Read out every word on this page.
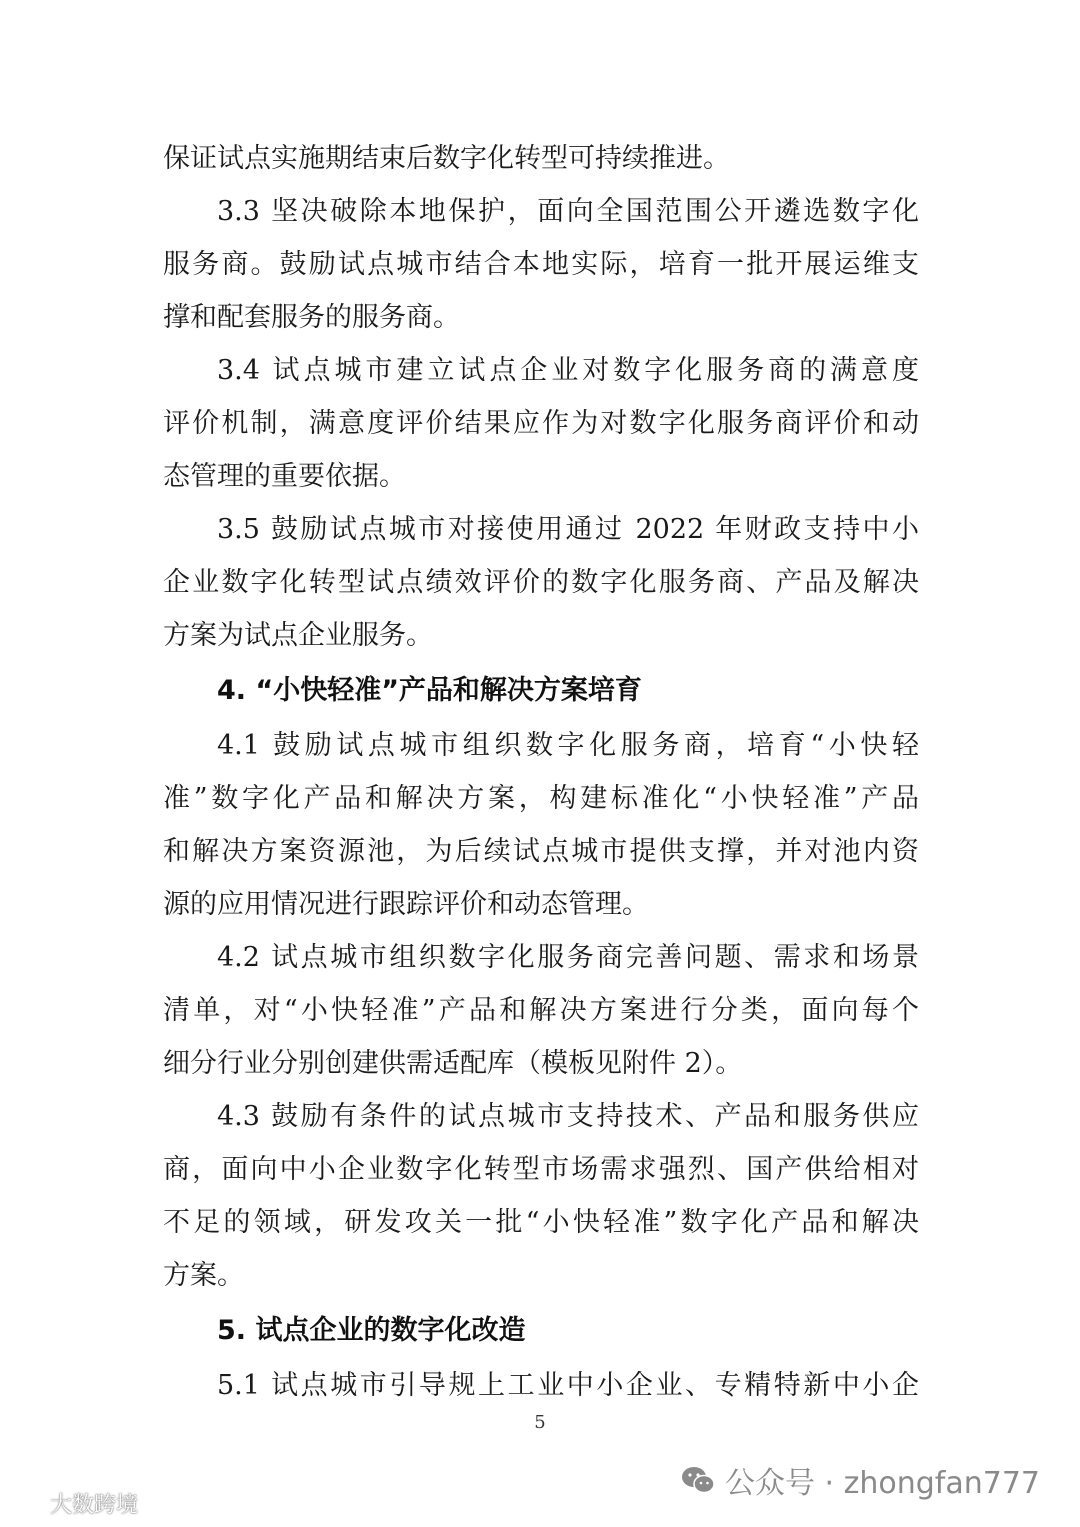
保证试点实施期结束后数字化转型可持续推进。
3.3 坚决破除本地保护，面向全国范围公开遴选数字化
服务商。鼓励试点城市结合本地实际，培育一批开展运维支
撑和配套服务的服务商。
3.4 试点城市建立试点企业对数字化服务商的满意度
评价机制，满意度评价结果应作为对数字化服务商评价和动
态管理的重要依据。
3.5 鼓励试点城市对接使用通过 2022 年财政支持中小
企业数字化转型试点绩效评价的数字化服务商、产品及解决
方案为试点企业服务。
4. “小快轻准”产品和解决方案培育
4.1 鼓励试点城市组织数字化服务商，培育“小快轻
准”数字化产品和解决方案，构建标准化“小快轻准”产品
和解决方案资源池，为后续试点城市提供支撑，并对池内资
源的应用情况进行跟踪评价和动态管理。
4.2 试点城市组织数字化服务商完善问题、需求和场景
清单，对“小快轻准”产品和解决方案进行分类，面向每个
细分行业分别创建供需适配库（模板见附件 2）。
4.3 鼓励有条件的试点城市支持技术、产品和服务供应
商，面向中小企业数字化转型市场需求强烈、国产供给相对
不足的领域，研发攻关一批“小快轻准”数字化产品和解决
方案。
5. 试点企业的数字化改造
5.1 试点城市引导规上工业中小企业、专精特新中小企
5
大数跨境
公众号 · zhongfan777
